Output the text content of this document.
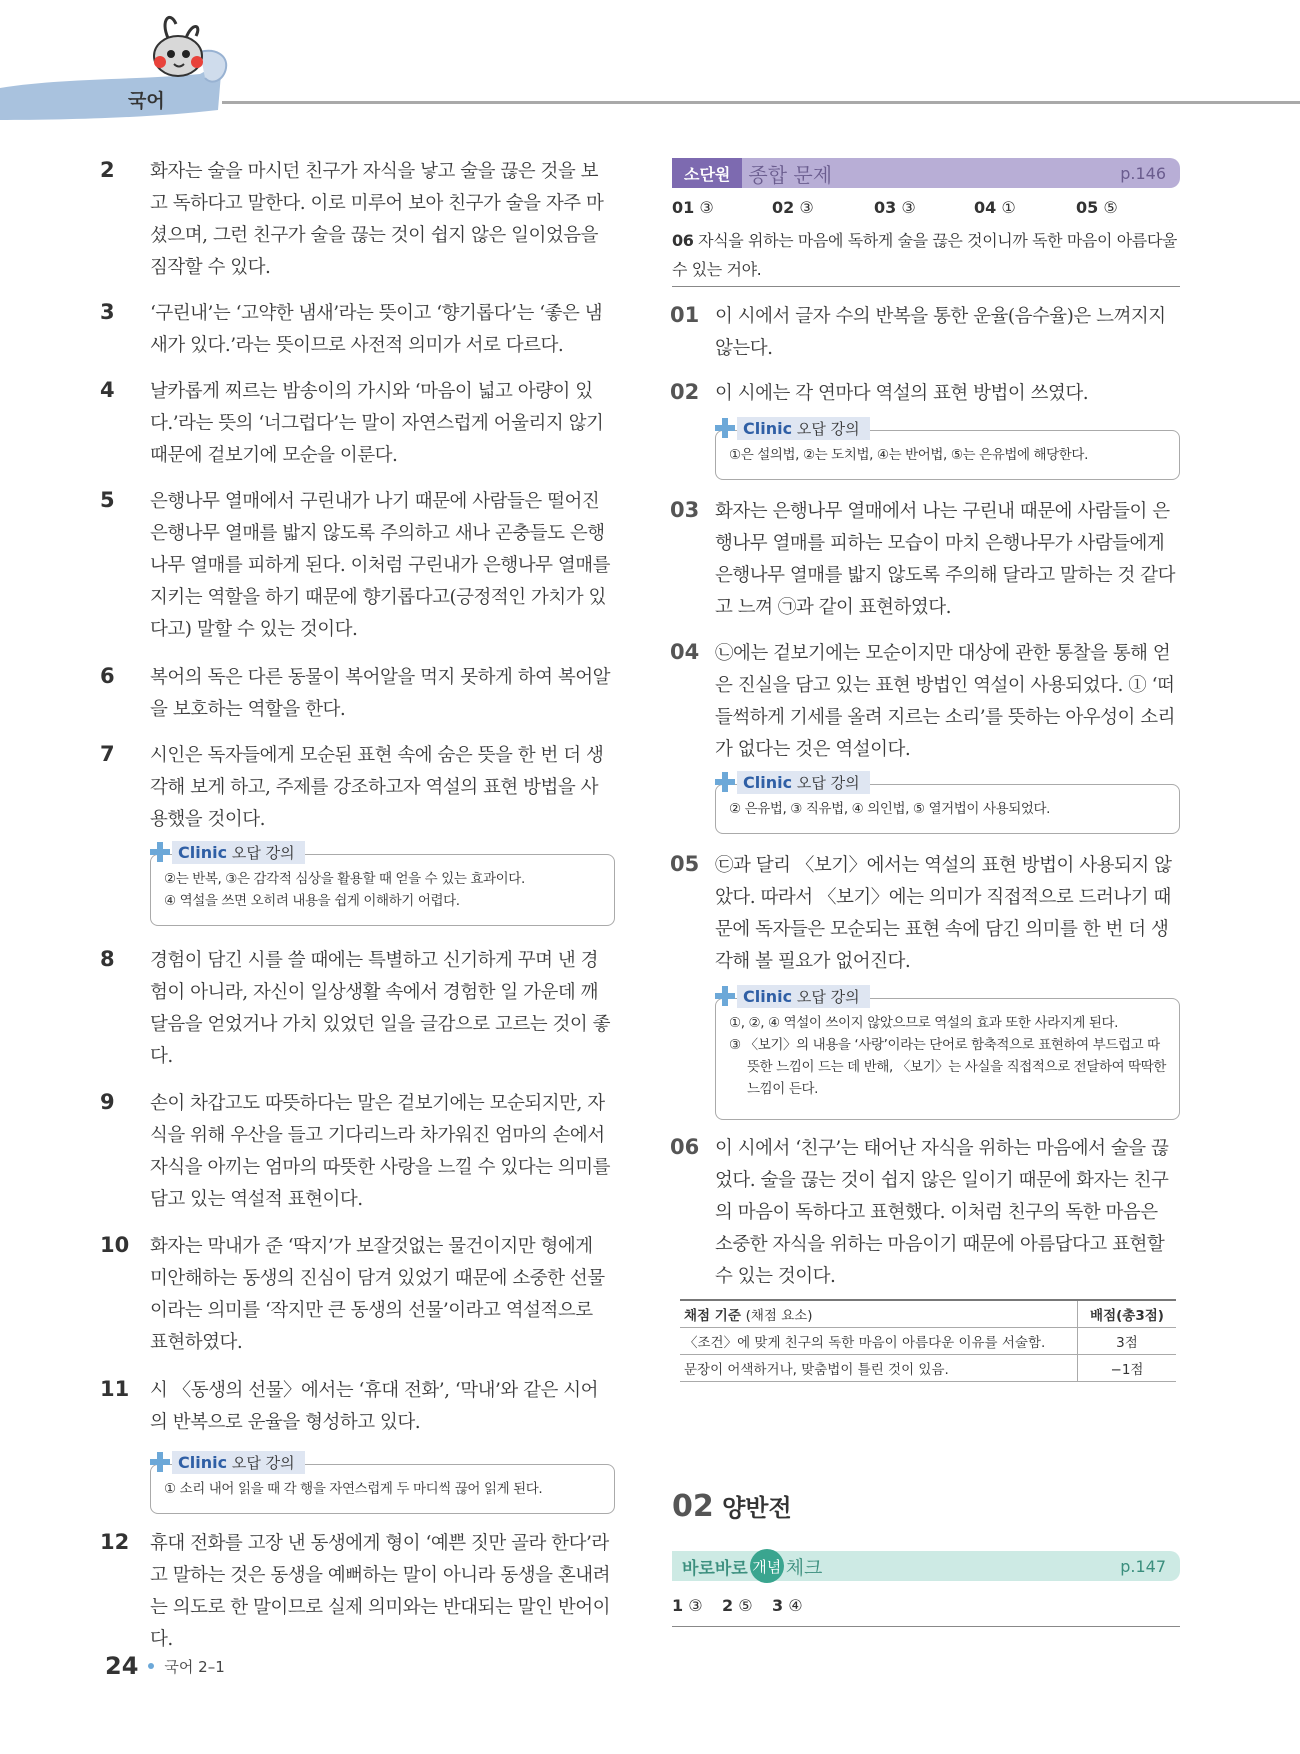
국어
2 화자는 술을 마시던 친구가 자식을 낳고 술을 끊은 것을 보고 독하다고 말한다. 이로 미루어 보아 친구가 술을 자주 마셨으며, 그런 친구가 술을 끊는 것이 쉽지 않은 일이었음을 짐작할 수 있다.
3 ‘구린내’는 ‘고약한 냄새’라는 뜻이고 ‘향기롭다’는 ‘좋은 냄새가 있다.’라는 뜻이므로 사전적 의미가 서로 다르다.
4 날카롭게 찌르는 밤송이의 가시와 ‘마음이 넓고 아량이 있다.’라는 뜻의 ‘너그럽다’는 말이 자연스럽게 어울리지 않기 때문에 겉보기에 모순을 이룬다.
5 은행나무 열매에서 구린내가 나기 때문에 사람들은 떨어진 은행나무 열매를 밟지 않도록 주의하고 새나 곤충들도 은행나무 열매를 피하게 된다. 이처럼 구린내가 은행나무 열매를 지키는 역할을 하기 때문에 향기롭다고(긍정적인 가치가 있다고) 말할 수 있는 것이다.
6 복어의 독은 다른 동물이 복어알을 먹지 못하게 하여 복어알을 보호하는 역할을 한다.
7 시인은 독자들에게 모순된 표현 속에 숨은 뜻을 한 번 더 생각해 보게 하고, 주제를 강조하고자 역설의 표현 방법을 사용했을 것이다.
Clinic 오답 강의
②는 반복, ③은 감각적 심상을 활용할 때 얻을 수 있는 효과이다.
④ 역설을 쓰면 오히려 내용을 쉽게 이해하기 어렵다.
8 경험이 담긴 시를 쓸 때에는 특별하고 신기하게 꾸며 낸 경험이 아니라, 자신이 일상생활 속에서 경험한 일 가운데 깨달음을 얻었거나 가치 있었던 일을 글감으로 고르는 것이 좋다.
9 손이 차갑고도 따뜻하다는 말은 겉보기에는 모순되지만, 자식을 위해 우산을 들고 기다리느라 차가워진 엄마의 손에서 자식을 아끼는 엄마의 따뜻한 사랑을 느낄 수 있다는 의미를 담고 있는 역설적 표현이다.
10 화자는 막내가 준 ‘딱지’가 보잘것없는 물건이지만 형에게 미안해하는 동생의 진심이 담겨 있었기 때문에 소중한 선물이라는 의미를 ‘작지만 큰 동생의 선물’이라고 역설적으로 표현하였다.
11 시 〈동생의 선물〉에서는 ‘휴대 전화’, ‘막내’와 같은 시어의 반복으로 운율을 형성하고 있다.
Clinic 오답 강의
① 소리 내어 읽을 때 각 행을 자연스럽게 두 마디씩 끊어 읽게 된다.
12 휴대 전화를 고장 낸 동생에게 형이 ‘예쁜 짓만 골라 한다’라고 말하는 것은 동생을 예뻐하는 말이 아니라 동생을 혼내려는 의도로 한 말이므로 실제 의미와는 반대되는 말인 반어이다.
소단원 종합 문제	p.146
01 ③	02 ③	03 ③	04 ①	05 ⑤
06 자식을 위하는 마음에 독하게 술을 끊은 것이니까 독한 마음이 아름다울 수 있는 거야.
01 이 시에서 글자 수의 반복을 통한 운율(음수율)은 느껴지지 않는다.
02 이 시에는 각 연마다 역설의 표현 방법이 쓰였다.
Clinic 오답 강의
①은 설의법, ②는 도치법, ④는 반어법, ⑤는 은유법에 해당한다.
03 화자는 은행나무 열매에서 나는 구린내 때문에 사람들이 은행나무 열매를 피하는 모습이 마치 은행나무가 사람들에게 은행나무 열매를 밟지 않도록 주의해 달라고 말하는 것 같다고 느껴 ㉠과 같이 표현하였다.
04 ㉡에는 겉보기에는 모순이지만 대상에 관한 통찰을 통해 얻은 진실을 담고 있는 표현 방법인 역설이 사용되었다. ① ‘떠들썩하게 기세를 올려 지르는 소리’를 뜻하는 아우성이 소리가 없다는 것은 역설이다.
Clinic 오답 강의
② 은유법, ③ 직유법, ④ 의인법, ⑤ 열거법이 사용되었다.
05 ㉢과 달리 〈보기〉에서는 역설의 표현 방법이 사용되지 않았다. 따라서 〈보기〉에는 의미가 직접적으로 드러나기 때문에 독자들은 모순되는 표현 속에 담긴 의미를 한 번 더 생각해 볼 필요가 없어진다.
Clinic 오답 강의
①, ②, ④ 역설이 쓰이지 않았으므로 역설의 효과 또한 사라지게 된다.
③ 〈보기〉의 내용을 ‘사랑’이라는 단어로 함축적으로 표현하여 부드럽고 따뜻한 느낌이 드는 데 반해, 〈보기〉는 사실을 직접적으로 전달하여 딱딱한 느낌이 든다.
06 이 시에서 ‘친구’는 태어난 자식을 위하는 마음에서 술을 끊었다. 술을 끊는 것이 쉽지 않은 일이기 때문에 화자는 친구의 마음이 독하다고 표현했다. 이처럼 친구의 독한 마음은 소중한 자식을 위하는 마음이기 때문에 아름답다고 표현할 수 있는 것이다.
채점 기준 (채점 요소)	배점(총3점)
〈조건〉에 맞게 친구의 독한 마음이 아름다운 이유를 서술함.	3점
문장이 어색하거나, 맞춤법이 틀린 것이 있음.	−1점
02 양반전
바로바로 개념 체크	p.147
1 ③ 2 ⑤ 3 ④
24 국어 2–1
